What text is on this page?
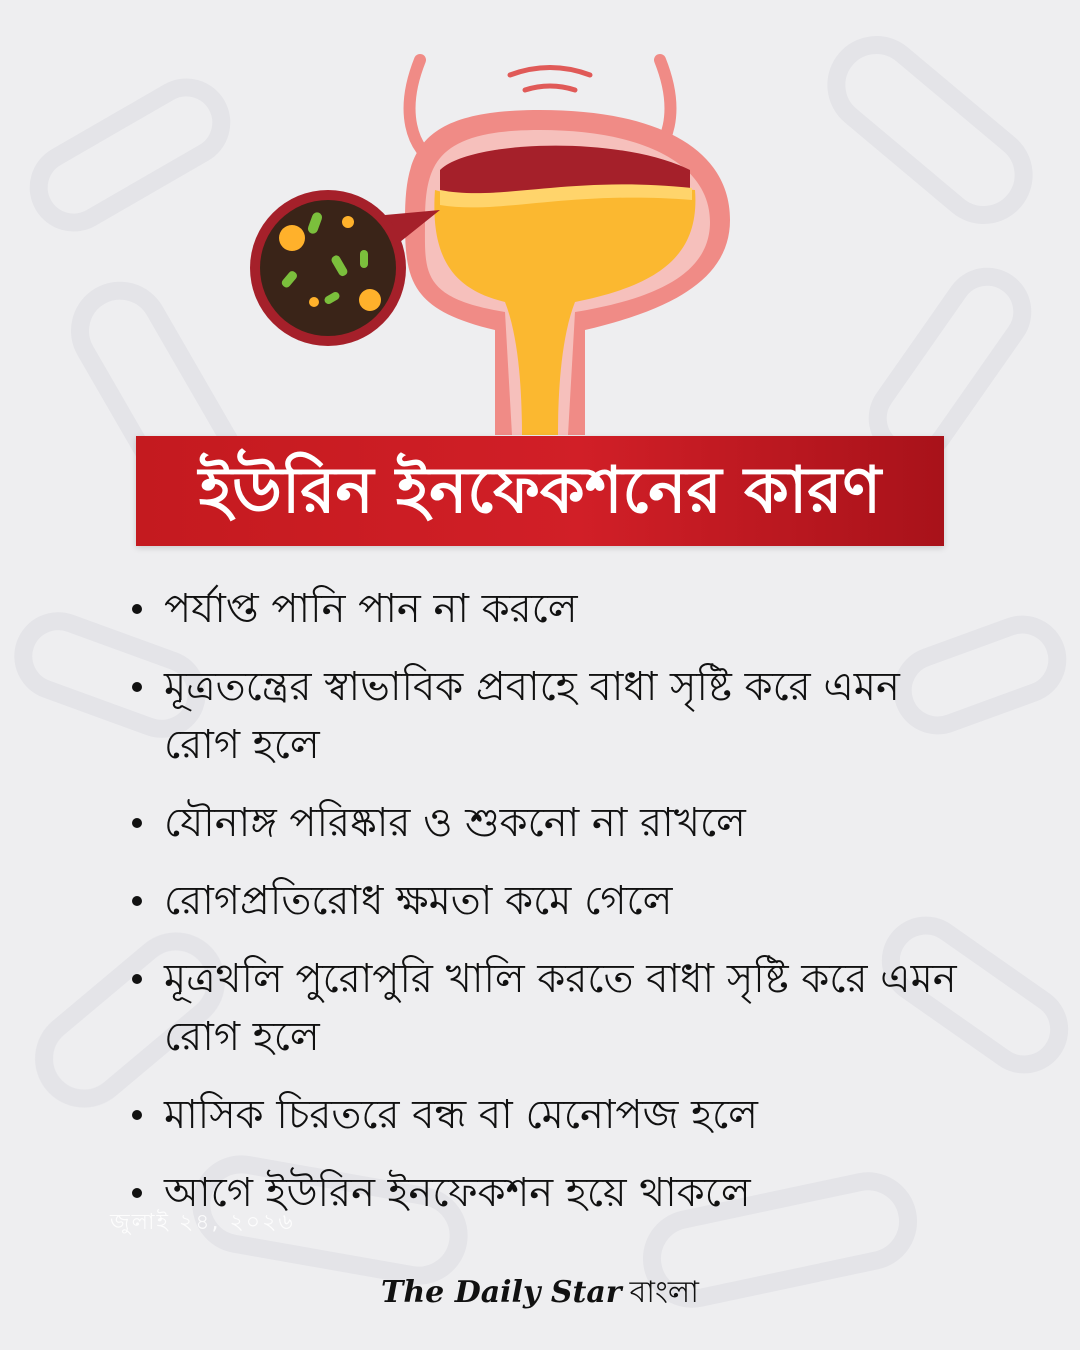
ইউরিন ইনফেকশনের কারণ
পর্যাপ্ত পানি পান না করলে
মূত্রতন্ত্রের স্বাভাবিক প্রবাহে বাধা সৃষ্টি করে এমন রোগ হলে
যৌনাঙ্গ পরিষ্কার ও শুকনো না রাখলে
রোগপ্রতিরোধ ক্ষমতা কমে গেলে
মূত্রথলি পুরোপুরি খালি করতে বাধা সৃষ্টি করে এমন রোগ হলে
মাসিক চিরতরে বন্ধ বা মেনোপজ হলে
আগে ইউরিন ইনফেকশন হয়ে থাকলে
জুলাই ২৪, ২০২৬
The Daily Star বাংলা
